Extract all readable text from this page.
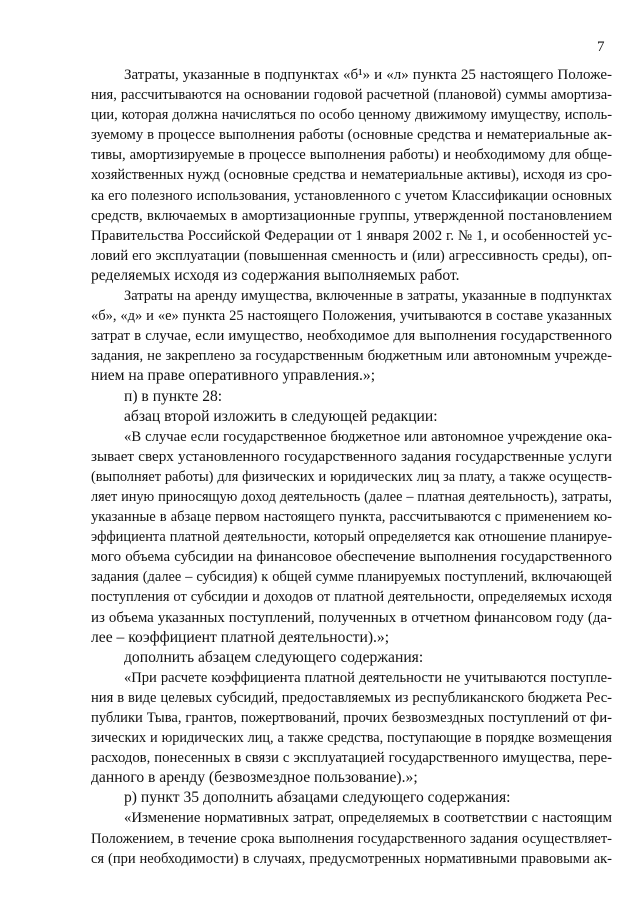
7
Затраты, указанные в подпунктах «б¹» и «л» пункта 25 настоящего Положе-
ния, рассчитываются на основании годовой расчетной (плановой) суммы амортиза-
ции, которая должна начисляться по особо ценному движимому имуществу, исполь-
зуемому в процессе выполнения работы (основные средства и нематериальные ак-
тивы, амортизируемые в процессе выполнения работы) и необходимому для обще-
хозяйственных нужд (основные средства и нематериальные активы), исходя из сро-
ка его полезного использования, установленного с учетом Классификации основных
средств, включаемых в амортизационные группы, утвержденной постановлением
Правительства Российской Федерации от 1 января 2002 г. № 1, и особенностей ус-
ловий его эксплуатации (повышенная сменность и (или) агрессивность среды), оп-
ределяемых исходя из содержания выполняемых работ.
Затраты на аренду имущества, включенные в затраты, указанные в подпунктах
«б», «д» и «е» пункта 25 настоящего Положения, учитываются в составе указанных
затрат в случае, если имущество, необходимое для выполнения государственного
задания, не закреплено за государственным бюджетным или автономным учрежде-
нием на праве оперативного управления.»;
п) в пункте 28:
абзац второй изложить в следующей редакции:
«В случае если государственное бюджетное или автономное учреждение ока-
зывает сверх установленного государственного задания государственные услуги
(выполняет работы) для физических и юридических лиц за плату, а также осуществ-
ляет иную приносящую доход деятельность (далее – платная деятельность), затраты,
указанные в абзаце первом настоящего пункта, рассчитываются с применением ко-
эффициента платной деятельности, который определяется как отношение планируе-
мого объема субсидии на финансовое обеспечение выполнения государственного
задания (далее – субсидия) к общей сумме планируемых поступлений, включающей
поступления от субсидии и доходов от платной деятельности, определяемых исходя
из объема указанных поступлений, полученных в отчетном финансовом году (да-
лее – коэффициент платной деятельности).»;
дополнить абзацем следующего содержания:
«При расчете коэффициента платной деятельности не учитываются поступле-
ния в виде целевых субсидий, предоставляемых из республиканского бюджета Рес-
публики Тыва, грантов, пожертвований, прочих безвозмездных поступлений от фи-
зических и юридических лиц, а также средства, поступающие в порядке возмещения
расходов, понесенных в связи с эксплуатацией государственного имущества, пере-
данного в аренду (безвозмездное пользование).»;
р) пункт 35 дополнить абзацами следующего содержания:
«Изменение нормативных затрат, определяемых в соответствии с настоящим
Положением, в течение срока выполнения государственного задания осуществляет-
ся (при необходимости) в случаях, предусмотренных нормативными правовыми ак-
